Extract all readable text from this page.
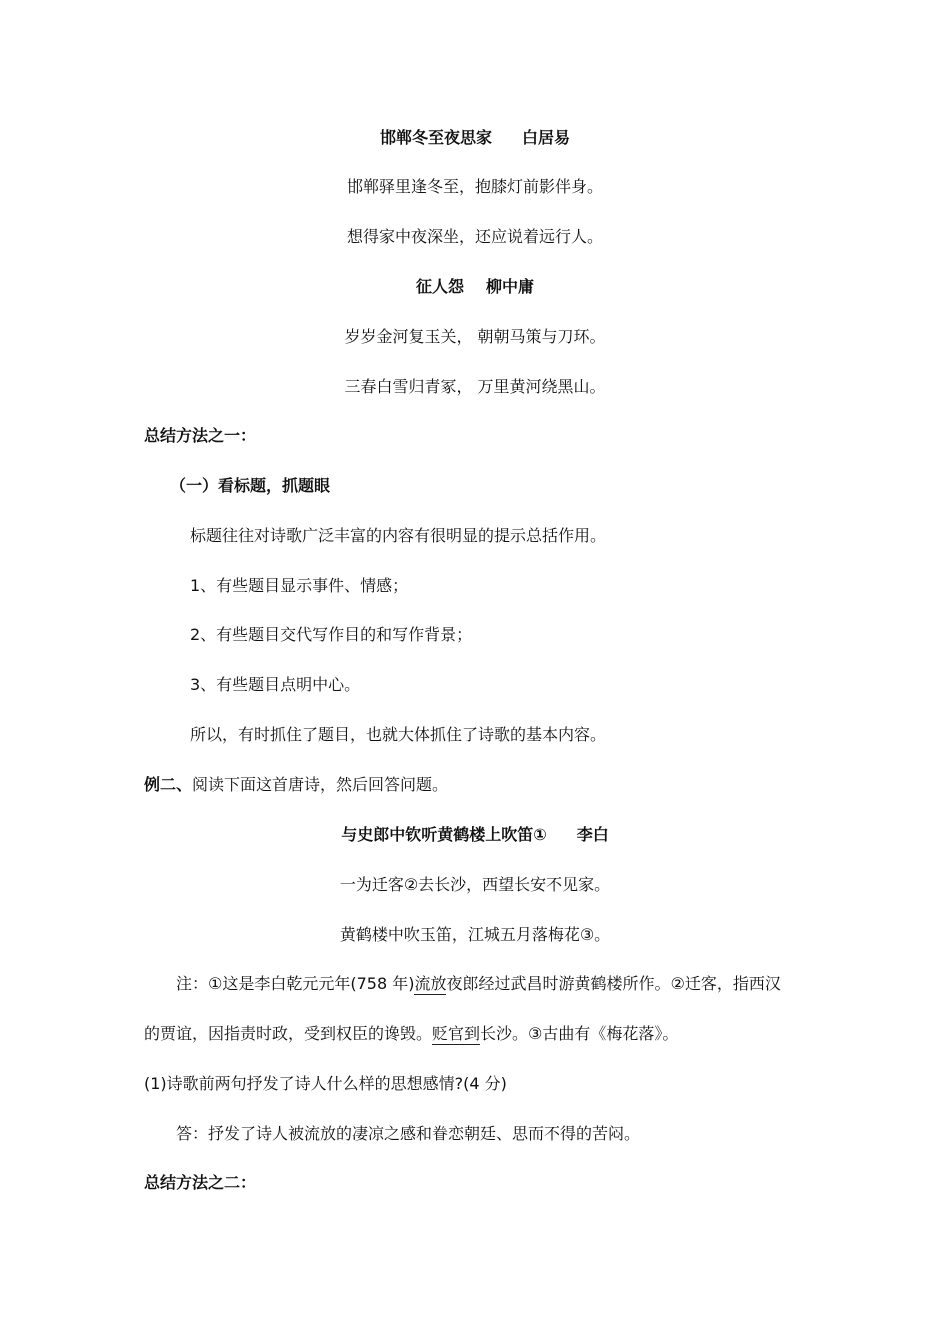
邯郸冬至夜思家 白居易
邯郸驿里逢冬至，抱膝灯前影伴身。
想得家中夜深坐，还应说着远行人。
征人怨 柳中庸
岁岁金河复玉关， 朝朝马策与刀环。
三春白雪归青冢， 万里黄河绕黑山。
总结方法之一：
（一）看标题，抓题眼
标题往往对诗歌广泛丰富的内容有很明显的提示总括作用。
1、有些题目显示事件、情感；
2、有些题目交代写作目的和写作背景；
3、有些题目点明中心。
所以，有时抓住了题目，也就大体抓住了诗歌的基本内容。
例二、阅读下面这首唐诗，然后回答问题。
与史郎中钦听黄鹤楼上吹笛① 李白
一为迁客②去长沙，西望长安不见家。
黄鹤楼中吹玉笛，江城五月落梅花③。
注：①这是李白乾元元年(758 年)流放夜郎经过武昌时游黄鹤楼所作。②迁客，指西汉
的贾谊，因指责时政，受到权臣的谗毁。贬官到长沙。③古曲有《梅花落》。
(1)诗歌前两句抒发了诗人什么样的思想感情?(4 分)
答：抒发了诗人被流放的凄凉之感和眷恋朝廷、思而不得的苦闷。
总结方法之二：
